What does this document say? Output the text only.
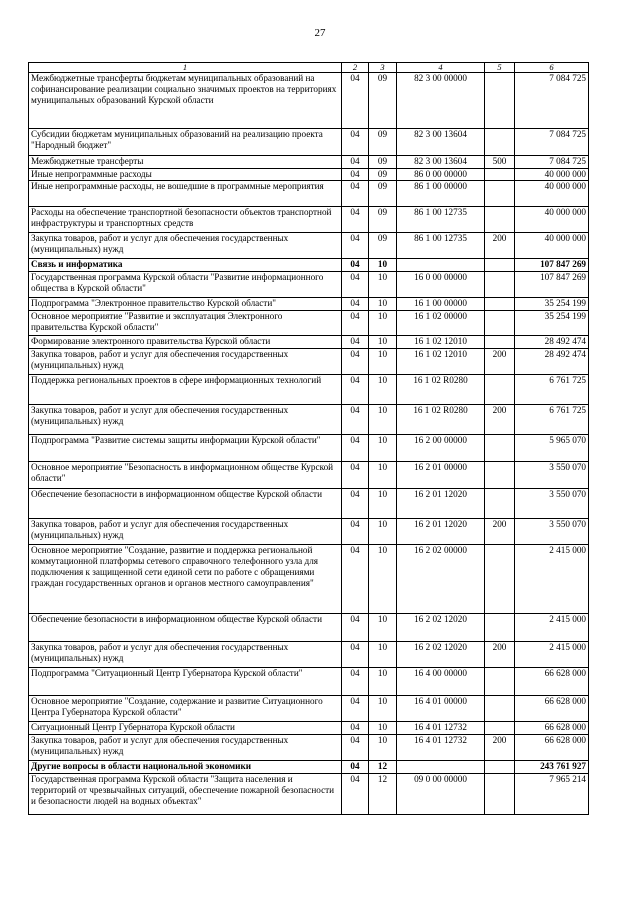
27
1	2	3	4	5	6
Межбюджетные трансферты бюджетам муниципальных образований на софинансирование реализации социально значимых проектов на территориях муниципальных образований Курской области	04	09	82 3 00 00000		7 084 725
Субсидии бюджетам муниципальных образований на реализацию проекта "Народный бюджет"	04	09	82 3 00 13604		7 084 725
Межбюджетные трансферты	04	09	82 3 00 13604	500	7 084 725
Иные непрограммные расходы	04	09	86 0 00 00000		40 000 000
Иные непрограммные расходы, не вошедшие в программные мероприятия	04	09	86 1 00 00000		40 000 000
Расходы на обеспечение транспортной безопасности объектов транспортной инфраструктуры и транспортных средств	04	09	86 1 00 12735		40 000 000
Закупка товаров, работ и услуг для обеспечения государственных (муниципальных) нужд	04	09	86 1 00 12735	200	40 000 000
Связь и информатика	04	10			107 847 269
Государственная программа Курской области "Развитие информационного общества в Курской области"	04	10	16 0 00 00000		107 847 269
Подпрограмма "Электронное правительство Курской области"	04	10	16 1 00 00000		35 254 199
Основное мероприятие "Развитие и эксплуатация Электронного правительства Курской области"	04	10	16 1 02 00000		35 254 199
Формирование электронного правительства Курской области	04	10	16 1 02 12010		28 492 474
Закупка товаров, работ и услуг для обеспечения государственных (муниципальных) нужд	04	10	16 1 02 12010	200	28 492 474
Поддержка региональных проектов в сфере информационных технологий	04	10	16 1 02 R0280		6 761 725
Закупка товаров, работ и услуг для обеспечения государственных (муниципальных) нужд	04	10	16 1 02 R0280	200	6 761 725
Подпрограмма "Развитие системы защиты информации Курской области"	04	10	16 2 00 00000		5 965 070
Основное мероприятие "Безопасность в информационном обществе Курской области"	04	10	16 2 01 00000		3 550 070
Обеспечение безопасности в информационном обществе Курской области	04	10	16 2 01 12020		3 550 070
Закупка товаров, работ и услуг для обеспечения государственных (муниципальных) нужд	04	10	16 2 01 12020	200	3 550 070
Основное мероприятие "Создание, развитие и поддержка региональной коммутационной платформы сетевого справочного телефонного узла для подключения к защищенной сети единой сети по работе с обращениями граждан государственных органов и органов местного самоуправления"	04	10	16 2 02 00000		2 415 000
Обеспечение безопасности в информационном обществе Курской области	04	10	16 2 02 12020		2 415 000
Закупка товаров, работ и услуг для обеспечения государственных (муниципальных) нужд	04	10	16 2 02 12020	200	2 415 000
Подпрограмма "Ситуационный Центр Губернатора Курской области"	04	10	16 4 00 00000		66 628 000
Основное мероприятие "Создание, содержание и развитие Ситуационного Центра Губернатора Курской области"	04	10	16 4 01 00000		66 628 000
Ситуационный Центр Губернатора Курской области	04	10	16 4 01 12732		66 628 000
Закупка товаров, работ и услуг для обеспечения государственных (муниципальных) нужд	04	10	16 4 01 12732	200	66 628 000
Другие вопросы в области национальной экономики	04	12			243 761 927
Государственная программа Курской области "Защита населения и территорий от чрезвычайных ситуаций, обеспечение пожарной безопасности и безопасности людей на водных объектах"	04	12	09 0 00 00000		7 965 214
